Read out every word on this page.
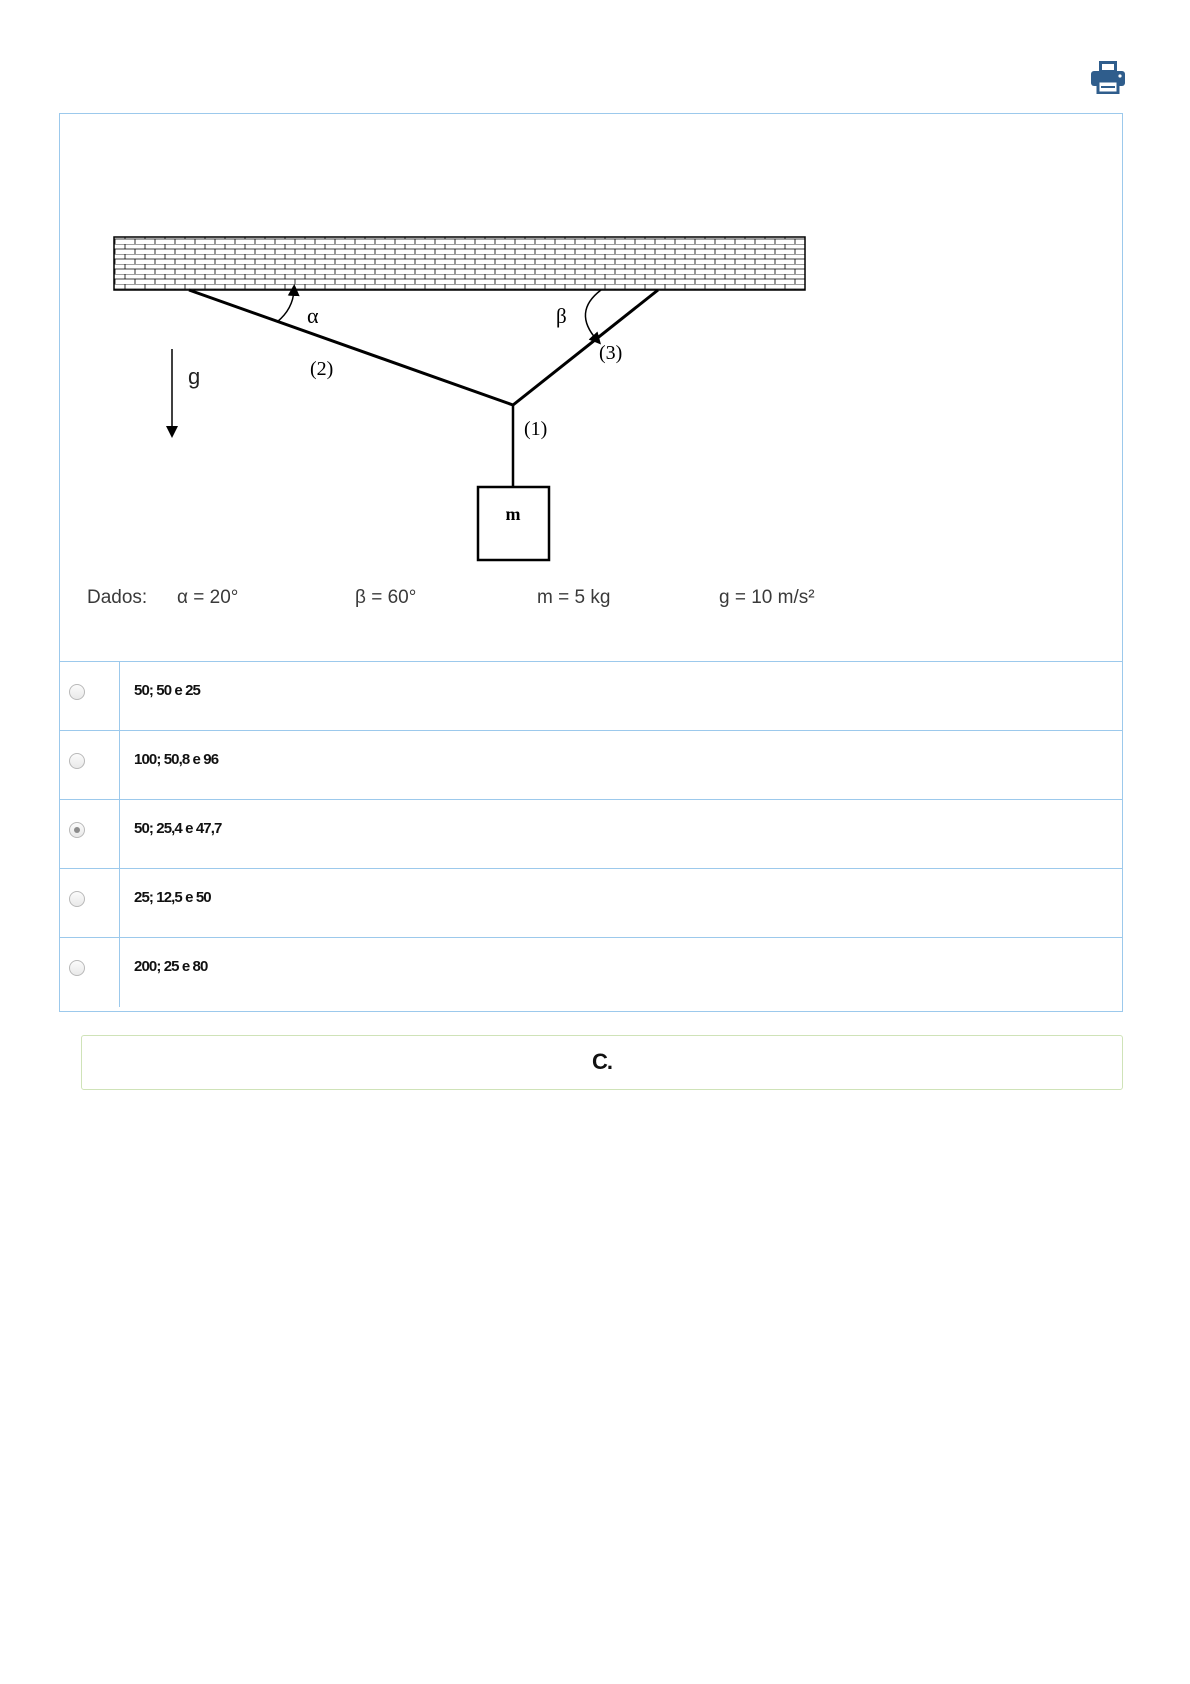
m
α	β
(2)
(3)
(1)
g
Dados: α = 20°	β = 60°	m = 5 kg	g = 10 m/s²
50; 50 e 25
100; 50,8 e 96
50; 25,4 e 47,7
25; 12,5 e 50
200; 25 e 80
C.
